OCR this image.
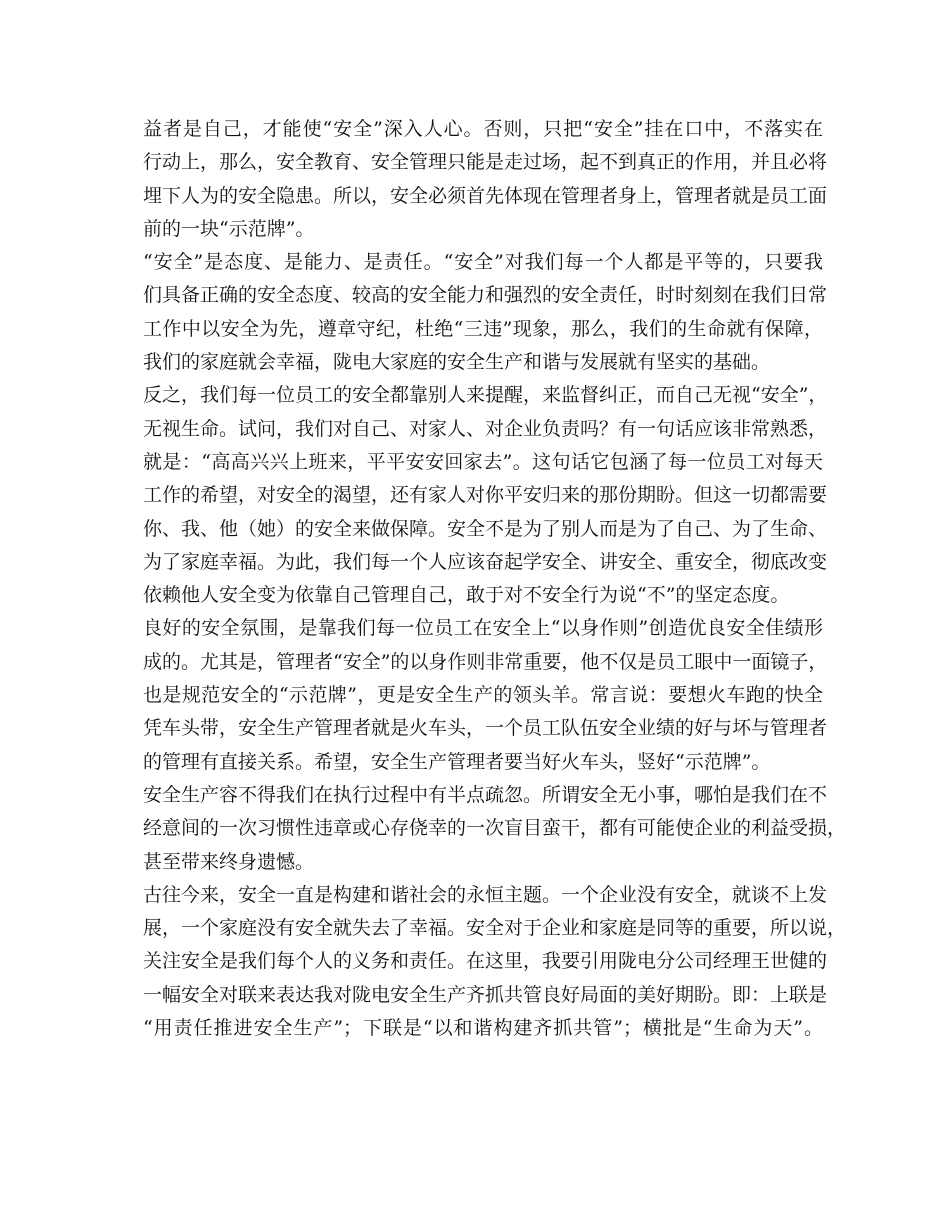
益者是自己，才能使“安全”深入人心。否则，只把“安全”挂在口中，不落实在
行动上，那么，安全教育、安全管理只能是走过场，起不到真正的作用，并且必将
埋下人为的安全隐患。所以，安全必须首先体现在管理者身上，管理者就是员工面
前的一块“示范牌”。
“安全”是态度、是能力、是责任。“安全”对我们每一个人都是平等的，只要我
们具备正确的安全态度、较高的安全能力和强烈的安全责任，时时刻刻在我们日常
工作中以安全为先，遵章守纪，杜绝“三违”现象，那么，我们的生命就有保障，
我们的家庭就会幸福，陇电大家庭的安全生产和谐与发展就有坚实的基础。
反之，我们每一位员工的安全都靠别人来提醒，来监督纠正，而自己无视“安全”，
无视生命。试问，我们对自己、对家人、对企业负责吗？有一句话应该非常熟悉，
就是：“高高兴兴上班来，平平安安回家去”。这句话它包涵了每一位员工对每天
工作的希望，对安全的渴望，还有家人对你平安归来的那份期盼。但这一切都需要
你、我、他（她）的安全来做保障。安全不是为了别人而是为了自己、为了生命、
为了家庭幸福。为此，我们每一个人应该奋起学安全、讲安全、重安全，彻底改变
依赖他人安全变为依靠自己管理自己，敢于对不安全行为说“不”的坚定态度。
良好的安全氛围，是靠我们每一位员工在安全上“以身作则”创造优良安全佳绩形
成的。尤其是，管理者“安全”的以身作则非常重要，他不仅是员工眼中一面镜子，
也是规范安全的“示范牌”，更是安全生产的领头羊。常言说：要想火车跑的快全
凭车头带，安全生产管理者就是火车头，一个员工队伍安全业绩的好与坏与管理者
的管理有直接关系。希望，安全生产管理者要当好火车头，竖好“示范牌”。
安全生产容不得我们在执行过程中有半点疏忽。所谓安全无小事，哪怕是我们在不
经意间的一次习惯性违章或心存侥幸的一次盲目蛮干，都有可能使企业的利益受损，
甚至带来终身遗憾。
古往今来，安全一直是构建和谐社会的永恒主题。一个企业没有安全，就谈不上发
展，一个家庭没有安全就失去了幸福。安全对于企业和家庭是同等的重要，所以说，
关注安全是我们每个人的义务和责任。在这里，我要引用陇电分公司经理王世健的
一幅安全对联来表达我对陇电安全生产齐抓共管良好局面的美好期盼。即：上联是
“用责任推进安全生产”；下联是“以和谐构建齐抓共管”；横批是“生命为天”。
